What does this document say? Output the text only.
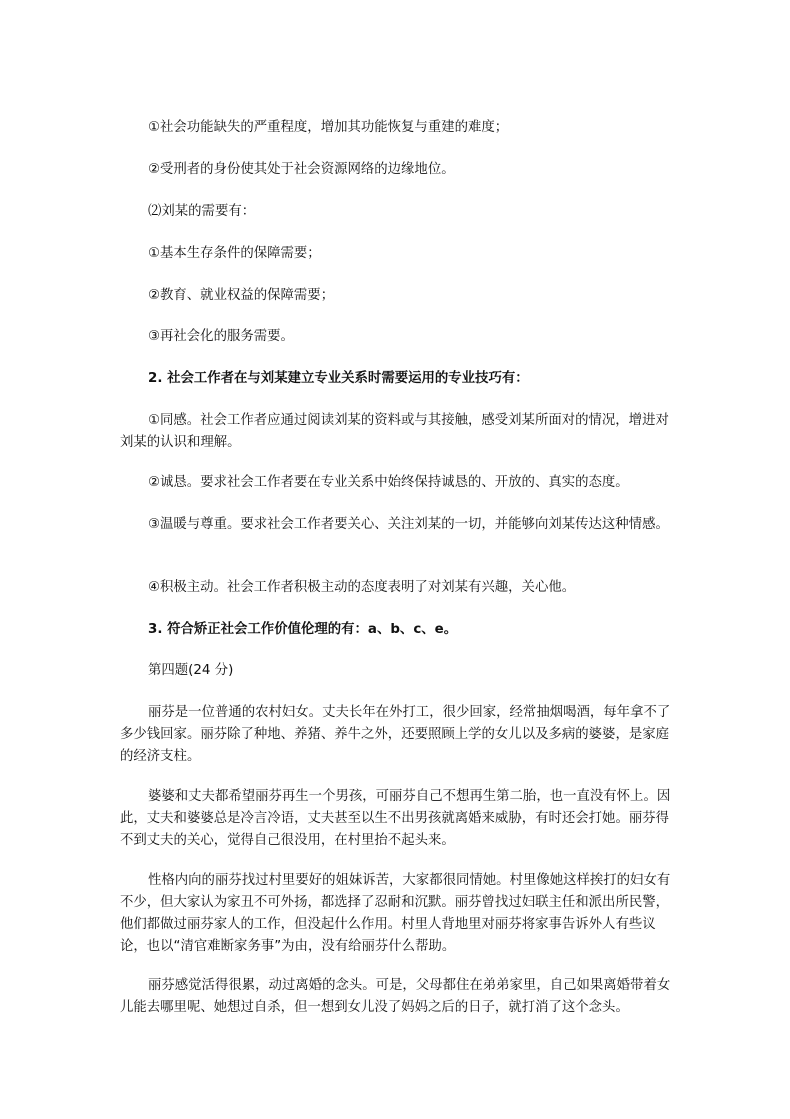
①社会功能缺失的严重程度，增加其功能恢复与重建的难度；

②受刑者的身份使其处于社会资源网络的边缘地位。

⑵刘某的需要有：

①基本生存条件的保障需要；

②教育、就业权益的保障需要；

③再社会化的服务需要。

2. 社会工作者在与刘某建立专业关系时需要运用的专业技巧有：

①同感。社会工作者应通过阅读刘某的资料或与其接触，感受刘某所面对的情况，增进对刘某的认识和理解。

②诚恳。要求社会工作者要在专业关系中始终保持诚恳的、开放的、真实的态度。

③温暖与尊重。要求社会工作者要关心、关注刘某的一切，并能够向刘某传达这种情感。

④积极主动。社会工作者积极主动的态度表明了对刘某有兴趣，关心他。

3. 符合矫正社会工作价值伦理的有：a、b、c、e。

第四题(24 分)

丽芬是一位普通的农村妇女。丈夫长年在外打工，很少回家，经常抽烟喝酒，每年拿不了多少钱回家。丽芬除了种地、养猪、养牛之外，还要照顾上学的女儿以及多病的婆婆，是家庭的经济支柱。

婆婆和丈夫都希望丽芬再生一个男孩，可丽芬自己不想再生第二胎，也一直没有怀上。因此，丈夫和婆婆总是冷言冷语，丈夫甚至以生不出男孩就离婚来威胁，有时还会打她。丽芬得不到丈夫的关心，觉得自己很没用，在村里抬不起头来。

性格内向的丽芬找过村里要好的姐妹诉苦，大家都很同情她。村里像她这样挨打的妇女有不少，但大家认为家丑不可外扬，都选择了忍耐和沉默。丽芬曾找过妇联主任和派出所民警，他们都做过丽芬家人的工作，但没起什么作用。村里人背地里对丽芬将家事告诉外人有些议论，也以“清官难断家务事”为由，没有给丽芬什么帮助。

丽芬感觉活得很累，动过离婚的念头。可是，父母都住在弟弟家里，自己如果离婚带着女儿能去哪里呢、她想过自杀，但一想到女儿没了妈妈之后的日子，就打消了这个念头。
